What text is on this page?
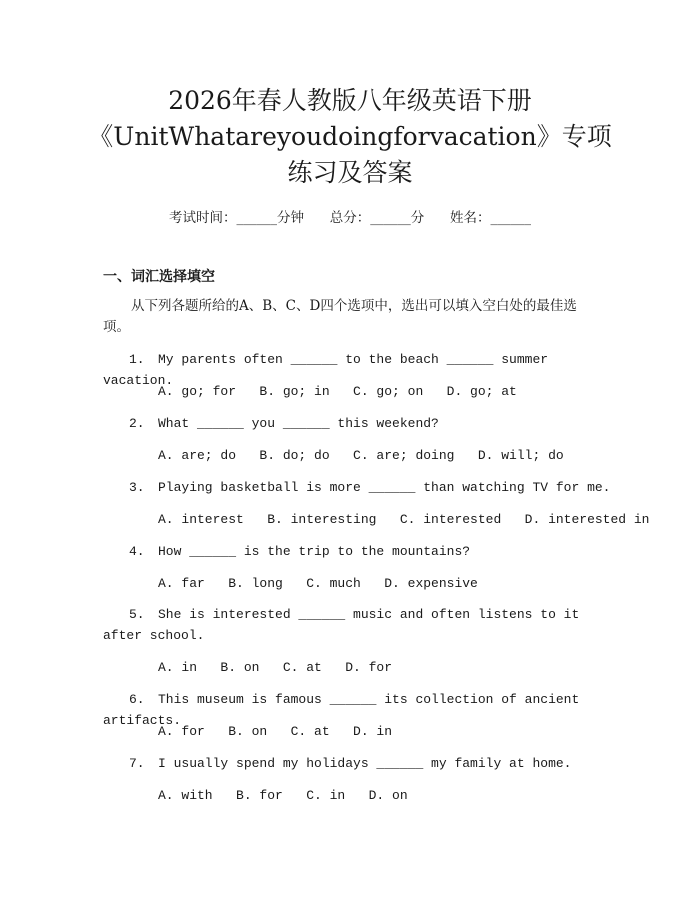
2026年春人教版八年级英语下册
《UnitWhatareyoudoingforvacation》专项
练习及答案
考试时间：______分钟 总分：______分 姓名：______
一、词汇选择填空
从下列各题所给的A、B、C、D四个选项中，选出可以填入空白处的最佳选项。
1.	My parents often ______ to the beach ______ summer vacation.
A. go; for   B. go; in   C. go; on   D. go; at
2.	What ______ you ______ this weekend?
A. are; do   B. do; do   C. are; doing   D. will; do
3.	Playing basketball is more ______ than watching TV for me.
A. interest   B. interesting   C. interested   D. interested in
4.	How ______ is the trip to the mountains?
A. far   B. long   C. much   D. expensive
5.	She is interested ______ music and often listens to it after school.
A. in   B. on   C. at   D. for
6.	This museum is famous ______ its collection of ancient artifacts.
A. for   B. on   C. at   D. in
7.	I usually spend my holidays ______ my family at home.
A. with   B. for   C. in   D. on
